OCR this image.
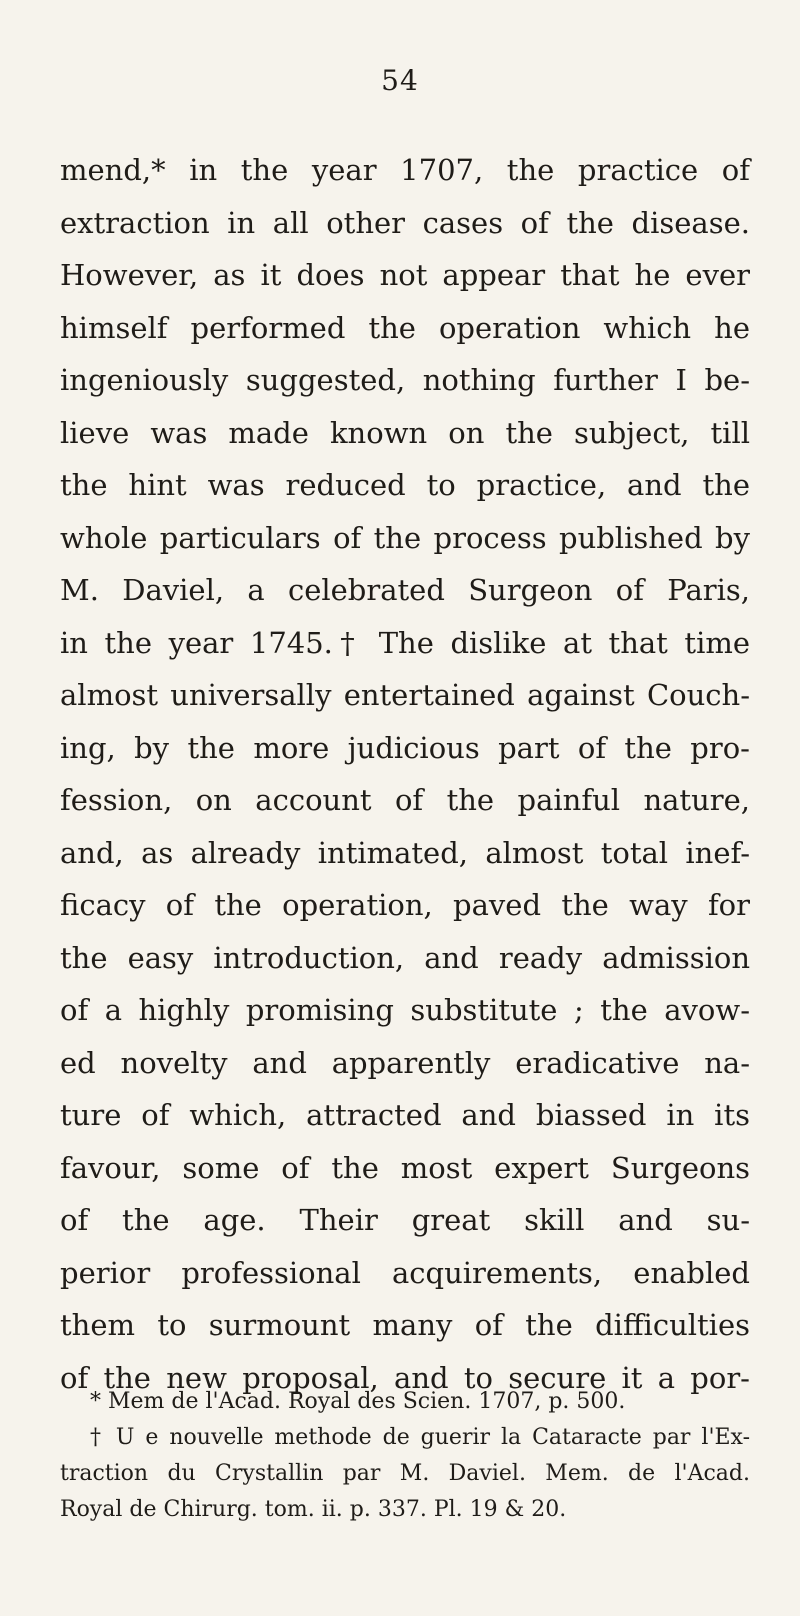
54
mend,* in the year 1707, the practice of
extraction in all other cases of the disease.
However, as it does not appear that he ever
himself performed the operation which he
ingeniously suggested, nothing further I be-
lieve was made known on the subject, till
the hint was reduced to practice, and the
whole particulars of the process published by
M. Daviel, a celebrated Surgeon of Paris,
in the year 1745.† The dislike at that time
almost universally entertained against Couch-
ing, by the more judicious part of the pro-
fession, on account of the painful nature,
and, as already intimated, almost total inef-
ficacy of the operation, paved the way for
the easy introduction, and ready admission
of a highly promising substitute ; the avow-
ed novelty and apparently eradicative na-
ture of which, attracted and biassed in its
favour, some of the most expert Surgeons
of the age. Their great skill and su-
perior professional acquirements, enabled
them to surmount many of the difficulties
of the new proposal, and to secure it a por-
* Mem de l'Acad. Royal des Scien. 1707, p. 500.
† U e nouvelle methode de guerir la Cataracte par l'Ex-
traction du Crystallin par M. Daviel. Mem. de l'Acad.
Royal de Chirurg. tom. ii. p. 337. Pl. 19 & 20.
